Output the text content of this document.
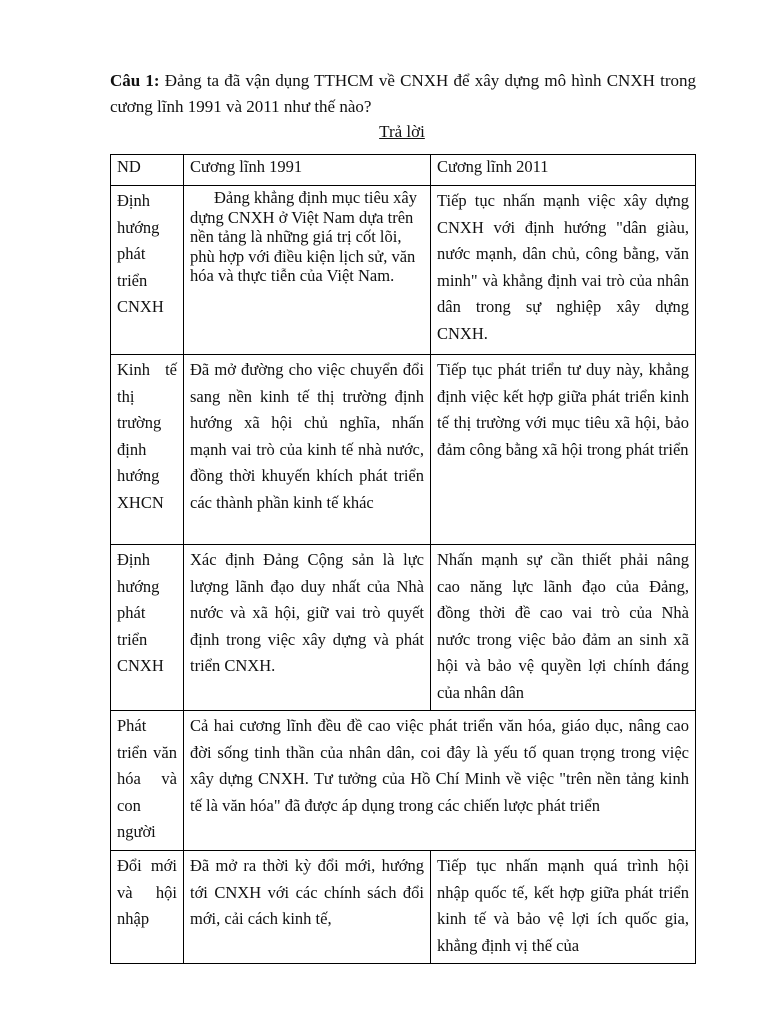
Câu 1: Đảng ta đã vận dụng TTHCM về CNXH để xây dựng mô hình CNXH trong cương lĩnh 1991 và 2011 như thế nào?
Trả lời
ND	Cương lĩnh 1991	Cương lĩnh 2011
Định hướng phát triển CNXH	Đảng khẳng định mục tiêu xây dựng CNXH ở Việt Nam dựa trên nền tảng là những giá trị cốt lõi, phù hợp với điều kiện lịch sử, văn hóa và thực tiễn của Việt Nam.	Tiếp tục nhấn mạnh việc xây dựng CNXH với định hướng "dân giàu, nước mạnh, dân chủ, công bằng, văn minh" và khẳng định vai trò của nhân dân trong sự nghiệp xây dựng CNXH.
Kinh tế thị trường định hướng XHCN	Đã mở đường cho việc chuyển đổi sang nền kinh tế thị trường định hướng xã hội chủ nghĩa, nhấn mạnh vai trò của kinh tế nhà nước, đồng thời khuyến khích phát triển các thành phần kinh tế khác	Tiếp tục phát triển tư duy này, khẳng định việc kết hợp giữa phát triển kinh tế thị trường với mục tiêu xã hội, bảo đảm công bằng xã hội trong phát triển
Định hướng phát triển CNXH	Xác định Đảng Cộng sản là lực lượng lãnh đạo duy nhất của Nhà nước và xã hội, giữ vai trò quyết định trong việc xây dựng và phát triển CNXH.	Nhấn mạnh sự cần thiết phải nâng cao năng lực lãnh đạo của Đảng, đồng thời đề cao vai trò của Nhà nước trong việc bảo đảm an sinh xã hội và bảo vệ quyền lợi chính đáng của nhân dân
Phát triển văn hóa và con người	Cả hai cương lĩnh đều đề cao việc phát triển văn hóa, giáo dục, nâng cao đời sống tinh thần của nhân dân, coi đây là yếu tố quan trọng trong việc xây dựng CNXH. Tư tưởng của Hồ Chí Minh về việc "trên nền tảng kinh tế là văn hóa" đã được áp dụng trong các chiến lược phát triển	
Đổi mới và hội nhập	Đã mở ra thời kỳ đổi mới, hướng tới CNXH với các chính sách đổi mới, cải cách kinh tế,	Tiếp tục nhấn mạnh quá trình hội nhập quốc tế, kết hợp giữa phát triển kinh tế và bảo vệ lợi ích quốc gia, khẳng định vị thế của
